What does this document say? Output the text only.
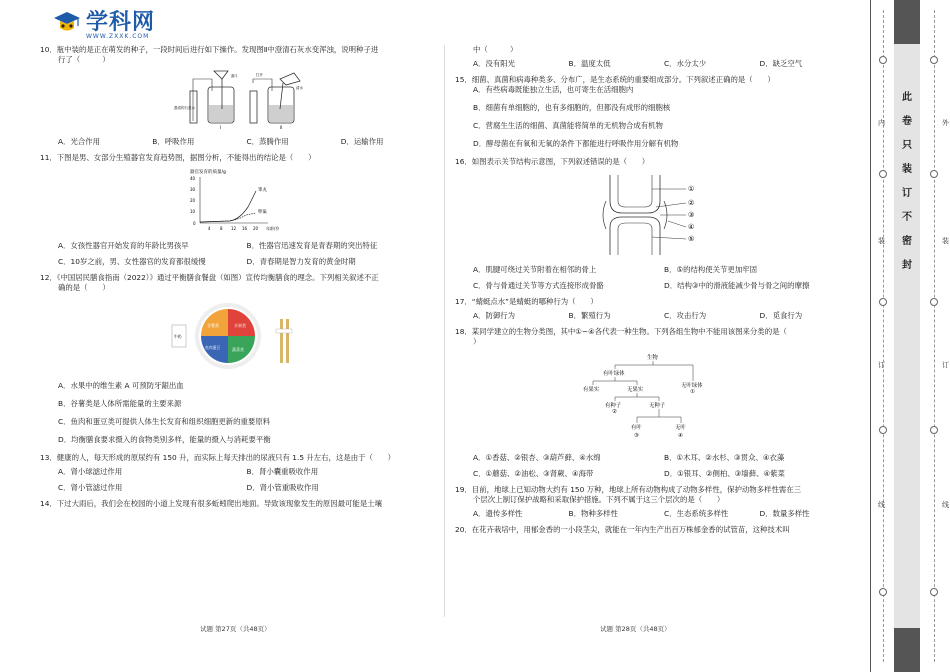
学科网
WWW.ZXXK.COM
10．瓶中装的是正在萌发的种子，一段时间后进行如下操作。发现图Ⅱ中澄清石灰水变浑浊，说明种子进
行了（　　　）
漏斗
澄清的石灰水
Ⅰ
打开
清水
Ⅱ
A．光合作用	B．呼吸作用	C．蒸腾作用	D．运输作用
11．下图是男、女部分生殖器官发育趋势图，据图分析，不能得出的结论是（　　）
器官发育的质量/g
40
30
20
10
0
4 8 12 16 20 年龄/岁
睾丸
卵巢
A．女孩性器官开始发育的年龄比男孩早	B．性器官迅速发育是青春期的突出特征
C．10岁之前，男、女性器官的发育都很缓慢	D．青春期是智力发育的黄金时期
12．《中国居民膳食指南（2022）》通过平衡膳食餐盘（如图）宣传均衡膳食的理念。下列相关叙述不正
确的是（　　）
牛奶
谷薯类
蔬菜类
鱼肉蛋豆
水果类
A．水果中的维生素 A 可预防牙龈出血
B．谷薯类是人体所需能量的主要来源
C．鱼肉和蛋豆类可提供人体生长发育和组织细胞更新的重要原料
D．均衡膳食要求摄入的食物类别多样，能量的摄入与消耗要平衡
13．健康的人，每天形成的原尿约有 150 升，而实际上每天排出的尿液只有 1.5 升左右，这是由于（　　）
A．肾小球滤过作用	B．肾小囊重吸收作用
C．肾小管滤过作用	D．肾小管重吸收作用
14．下过大雨后，我们会在校园的小道上发现有很多蚯蚓爬出地面。导致该现象发生的原因最可能是土壤
中（　　　）
A．没有阳光	B．温度太低	C．水分太少	D．缺乏空气
15．细菌、真菌和病毒种类多、分布广，是生态系统的重要组成部分。下列叙述正确的是（　　）
A．有些病毒既能独立生活，也可寄生在活细胞内
B．细菌有单细胞的，也有多细胞的，但都没有成形的细胞核
C．营腐生生活的细菌、真菌能将简单的无机物合成有机物
D．酵母菌在有氧和无氧的条件下都能进行呼吸作用分解有机物
16．如图表示关节结构示意图，下列叙述错误的是（　　）
①
②
③
④
⑤
A．肌腱可绕过关节附着在相邻的骨上	B．⑤的结构使关节更加牢固
C．骨与骨通过关节等方式连接形成骨骼	D．结构③中的滑液能减少骨与骨之间的摩擦
17．“蜻蜓点水”是蜻蜓的哪种行为（　　）
A．防御行为	B．繁殖行为	C．攻击行为	D．觅食行为
18．某同学建立的生物分类图，其中①~④各代表一种生物。下列各组生物中不能用该图来分类的是（
）
生物
有叶绿体
无叶绿体
①
有果实	无果实
有种子
②
无种子
有叶
③
无叶
④
A．①香菇、②银杏、③葫芦藓、④水绵	B．①木耳、②水杉、③贯众、④衣藻
C．①蘑菇、②油松、③肾蕨、④海带	D．①银耳、②侧柏、③墙藓、④紫菜
19．目前，地球上已知动物大约有 150 万种，地球上所有动物构成了动物多样性，保护动物多样性需在三
个层次上制订保护战略和采取保护措施。下列不属于这三个层次的是（　　）
A．遗传多样性	B．物种多样性	C．生态系统多样性	D．数量多样性
20．在花卉栽培中，用郁金香的一小段茎尖，就能在一年内生产出百万株郁金香的试管苗，这种技术叫
试题 第27页（共48页）	试题 第28页（共48页）
此
卷
只
装
订
不
密
封
外
装
订
线
内
装
订
线
